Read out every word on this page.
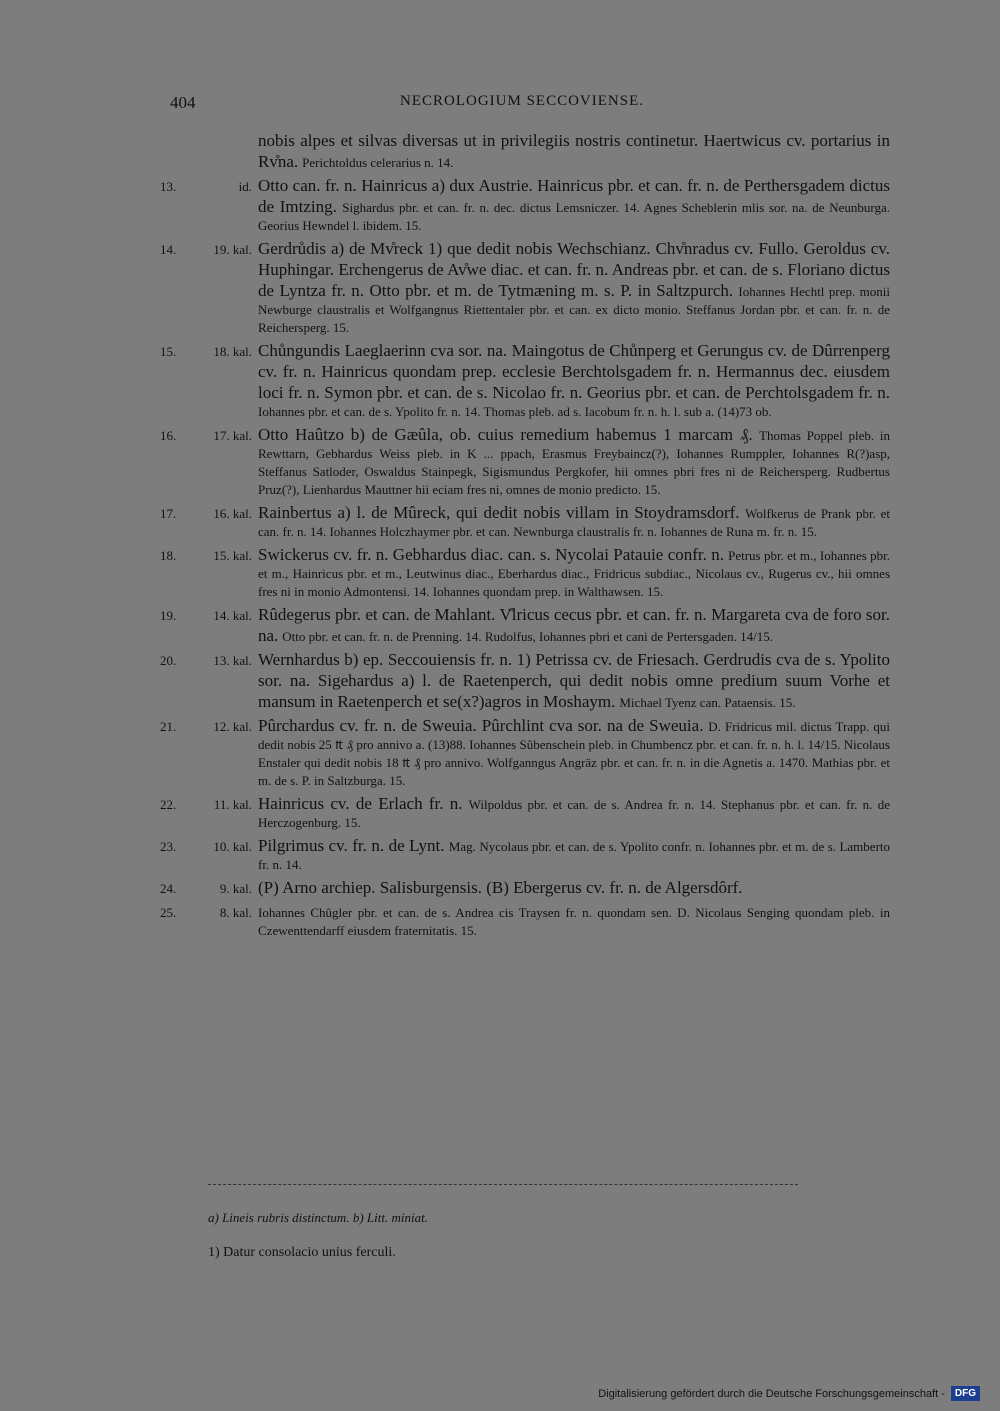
404	NECROLOGIUM SECCOVIENSE.
nobis alpes et silvas diversas ut in privilegiis nostris continetur. Haertwicus cv. portarius in Rv̊na. Perichtoldus celerarius n. 14.
13.	id. Otto can. fr. n. Hainricus a) dux Austrie. Hainricus pbr. et can. fr. n. de Perthersgadem dictus de Imtzing. Sighardus pbr. et can. fr. n. dec. dictus Lemsniczer. 14. Agnes Scheblerin mlis sor. na. de Neunburga. Georius Hewndel l. ibidem. 15.
14.	19. kal. Gerdrůdis a) de Mv̊reck 1) que dedit nobis Wechschianz. Chv̊nradus cv. Fullo. Geroldus cv. Huphingar. Erchengerus de Av̊we diac. et can. fr. n. Andreas pbr. et can. de s. Floriano dictus de Lyntza fr. n. Otto pbr. et m. de Tytmæning m. s. P. in Saltzpurch. Iohannes Hechtl prep. monii Newburge claustralis et Wolfgangnus Riettentaler pbr. et can. ex dicto monio. Steffanus Jordan pbr. et can. fr. n. de Reichersperg. 15.
15.	18. kal. Chůngundis Laeglaerinn cva sor. na. Maingotus de Chůnperg et Gerungus cv. de Dûrrenperg cv. fr. n. Hainricus quondam prep. ecclesie Berchtolsgadem fr. n. Hermannus dec. eiusdem loci fr. n. Symon pbr. et can. de s. Nicolao fr. n. Georius pbr. et can. de Perchtolsgadem fr. n. Iohannes pbr. et can. de s. Ypolito fr. n. 14. Thomas pleb. ad s. Iacobum fr. n. h. l. sub a. (14)73 ob.
16.	17. kal. Otto Haûtzo b) de Gæûla, ob. cuius remedium habemus 1 marcam ₰. Thomas Poppel pleb. in Rewttarn, Gebhardus Weiss pleb. in K ... ppach, Erasmus Freybaincz(?), Iohannes Rumppler, Iohannes R(?)asp, Steffanus Satloder, Oswaldus Stainpegk, Sigismundus Pergkofer, hii omnes pbri fres ni de Reichersperg. Rudbertus Pruz(?), Lienhardus Mauttner hii eciam fres ni, omnes de monio predicto. 15.
17.	16. kal. Rainbertus a) l. de Mûreck, qui dedit nobis villam in Stoydramsdorf. Wolfkerus de Prank pbr. et can. fr. n. 14. Iohannes Holczhaymer pbr. et can. Newnburga claustralis fr. n. Iohannes de Runa m. fr. n. 15.
18.	15. kal. Swickerus cv. fr. n. Gebhardus diac. can. s. Nycolai Patauie confr. n. Petrus pbr. et m., Iohannes pbr. et m., Hainricus pbr. et m., Leutwinus diac., Eberhardus diac., Fridricus subdiac., Nicolaus cv., Rugerus cv., hii omnes fres ni in monio Admontensi. 14. Iohannes quondam prep. in Walthawsen. 15.
19.	14. kal. Rûdegerus pbr. et can. de Mahlant. V̊lricus cecus pbr. et can. fr. n. Margareta cva de foro sor. na. Otto pbr. et can. fr. n. de Prenning. 14. Rudolfus, Iohannes pbri et cani de Pertersgaden. 14/15.
20.	13. kal. Wernhardus b) ep. Seccouiensis fr. n. 1) Petrissa cv. de Friesach. Gerdrudis cva de s. Ypolito sor. na. Sigehardus a) l. de Raetenperch, qui dedit nobis omne predium suum Vorhe et mansum in Raetenperch et se(x?)agros in Moshaym. Michael Tyenz can. Pataensis. 15.
21.	12. kal. Pûrchardus cv. fr. n. de Sweuia. Pûrchlint cva sor. na de Sweuia. D. Fridricus mil. dictus Trapp. qui dedit nobis 25 ₶ ₰ pro annivo a. (13)88. Iohannes Sûbenschein pleb. in Chumbencz pbr. et can. fr. n. h. l. 14/15. Nicolaus Enstaler qui dedit nobis 18 ₶ ₰ pro annivo. Wolfganngus Angräz pbr. et can. fr. n. in die Agnetis a. 1470. Mathias pbr. et m. de s. P. in Saltzburga. 15.
22.	11. kal. Hainricus cv. de Erlach fr. n. Wilpoldus pbr. et can. de s. Andrea fr. n. 14. Stephanus pbr. et can. fr. n. de Herczogenburg. 15.
23.	10. kal. Pilgrimus cv. fr. n. de Lynt. Mag. Nycolaus pbr. et can. de s. Ypolito confr. n. Iohannes pbr. et m. de s. Lamberto fr. n. 14.
24.	9. kal. (P) Arno archiep. Salisburgensis. (B) Ebergerus cv. fr. n. de Algersdôrf.
25.	8. kal. Iohannes Chûgler pbr. et can. de s. Andrea cis Traysen fr. n. quondam sen. D. Nicolaus Senging quondam pleb. in Czewenttendarff eiusdem fraternitatis. 15.
a) Lineis rubris distinctum. b) Litt. miniat.
1) Datur consolacio unius ferculi.
Digitalisierung gefördert durch die Deutsche Forschungsgemeinschaft -	DFG
